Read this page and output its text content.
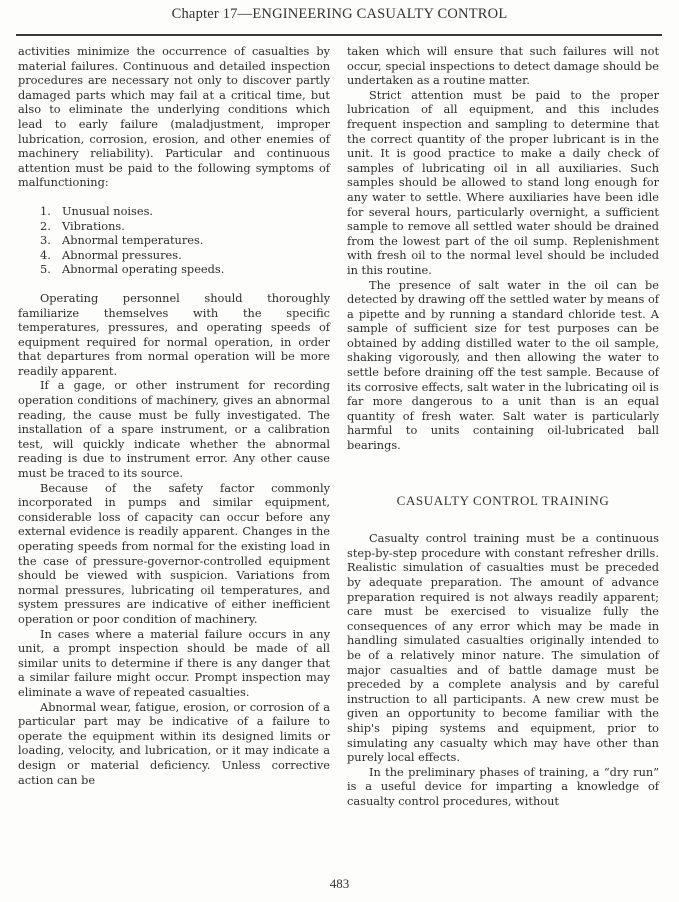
Chapter 17—ENGINEERING CASUALTY CONTROL

activities minimize the occurrence of casualties by material failures. Continuous and detailed inspection procedures are necessary not only to discover partly damaged parts which may fail at a critical time, but also to eliminate the underlying conditions which lead to early failure (maladjustment, improper lubrication, corrosion, erosion, and other enemies of machinery reliability). Particular and continuous attention must be paid to the following symptoms of malfunctioning:

1. Unusual noises.
2. Vibrations.
3. Abnormal temperatures.
4. Abnormal pressures.
5. Abnormal operating speeds.

Operating personnel should thoroughly familiarize themselves with the specific temperatures, pressures, and operating speeds of equipment required for normal operation, in order that departures from normal operation will be more readily apparent.

If a gage, or other instrument for recording operation conditions of machinery, gives an abnormal reading, the cause must be fully investigated. The installation of a spare instrument, or a calibration test, will quickly indicate whether the abnormal reading is due to instrument error. Any other cause must be traced to its source.

Because of the safety factor commonly incorporated in pumps and similar equipment, considerable loss of capacity can occur before any external evidence is readily apparent. Changes in the operating speeds from normal for the existing load in the case of pressure-governor-controlled equipment should be viewed with suspicion. Variations from normal pressures, lubricating oil temperatures, and system pressures are indicative of either inefficient operation or poor condition of machinery.

In cases where a material failure occurs in any unit, a prompt inspection should be made of all similar units to determine if there is any danger that a similar failure might occur. Prompt inspection may eliminate a wave of repeated casualties.

Abnormal wear, fatigue, erosion, or corrosion of a particular part may be indicative of a failure to operate the equipment within its designed limits or loading, velocity, and lubrication, or it may indicate a design or material deficiency. Unless corrective action can be

taken which will ensure that such failures will not occur, special inspections to detect damage should be undertaken as a routine matter.

Strict attention must be paid to the proper lubrication of all equipment, and this includes frequent inspection and sampling to determine that the correct quantity of the proper lubricant is in the unit. It is good practice to make a daily check of samples of lubricating oil in all auxiliaries. Such samples should be allowed to stand long enough for any water to settle. Where auxiliaries have been idle for several hours, particularly overnight, a sufficient sample to remove all settled water should be drained from the lowest part of the oil sump. Replenishment with fresh oil to the normal level should be included in this routine.

The presence of salt water in the oil can be detected by drawing off the settled water by means of a pipette and by running a standard chloride test. A sample of sufficient size for test purposes can be obtained by adding distilled water to the oil sample, shaking vigorously, and then allowing the water to settle before draining off the test sample. Because of its corrosive effects, salt water in the lubricating oil is far more dangerous to a unit than is an equal quantity of fresh water. Salt water is particularly harmful to units containing oil-lubricated ball bearings.

CASUALTY CONTROL TRAINING

Casualty control training must be a continuous step-by-step procedure with constant refresher drills. Realistic simulation of casualties must be preceded by adequate preparation. The amount of advance preparation required is not always readily apparent; care must be exercised to visualize fully the consequences of any error which may be made in handling simulated casualties originally intended to be of a relatively minor nature. The simulation of major casualties and of battle damage must be preceded by a complete analysis and by careful instruction to all participants. A new crew must be given an opportunity to become familiar with the ship's piping systems and equipment, prior to simulating any casualty which may have other than purely local effects.

In the preliminary phases of training, a “dry run” is a useful device for imparting a knowledge of casualty control procedures, without

483
